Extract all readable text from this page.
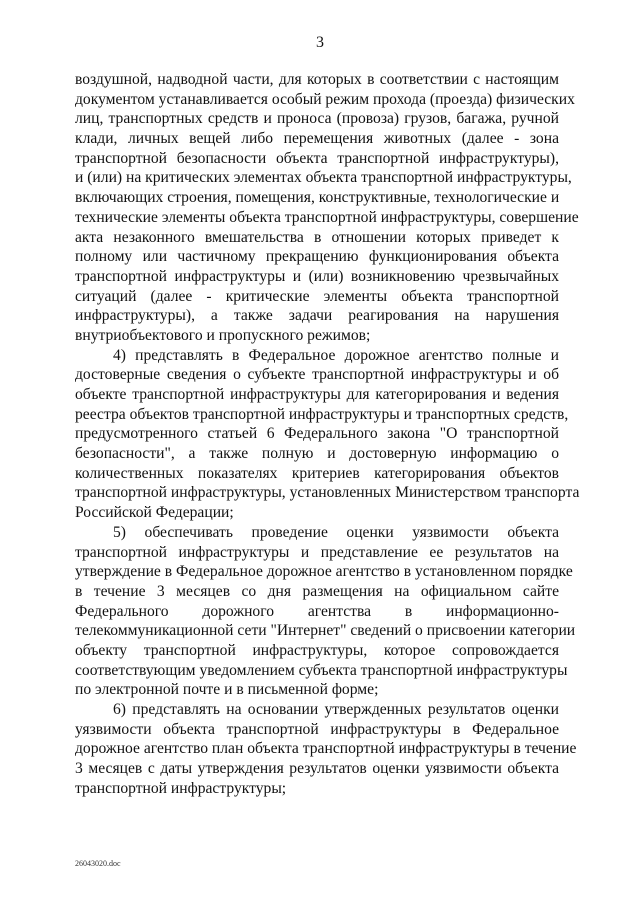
3
воздушной, надводной части, для которых в соответствии с настоящим
документом устанавливается особый режим прохода (проезда) физических
лиц, транспортных средств и проноса (провоза) грузов, багажа, ручной
клади, личных вещей либо перемещения животных (далее - зона
транспортной безопасности объекта транспортной инфраструктуры),
и (или) на критических элементах объекта транспортной инфраструктуры,
включающих строения, помещения, конструктивные, технологические и
технические элементы объекта транспортной инфраструктуры, совершение
акта незаконного вмешательства в отношении которых приведет к
полному или частичному прекращению функционирования объекта
транспортной инфраструктуры и (или) возникновению чрезвычайных
ситуаций (далее - критические элементы объекта транспортной
инфраструктуры), а также задачи реагирования на нарушения
внутриобъектового и пропускного режимов;
4) представлять в Федеральное дорожное агентство полные и
достоверные сведения о субъекте транспортной инфраструктуры и об
объекте транспортной инфраструктуры для категорирования и ведения
реестра объектов транспортной инфраструктуры и транспортных средств,
предусмотренного статьей 6 Федерального закона "О транспортной
безопасности", а также полную и достоверную информацию о
количественных показателях критериев категорирования объектов
транспортной инфраструктуры, установленных Министерством транспорта
Российской Федерации;
5) обеспечивать проведение оценки уязвимости объекта
транспортной инфраструктуры и представление ее результатов на
утверждение в Федеральное дорожное агентство в установленном порядке
в течение 3 месяцев со дня размещения на официальном сайте
Федерального дорожного агентства в информационно-
телекоммуникационной сети "Интернет" сведений о присвоении категории
объекту транспортной инфраструктуры, которое сопровождается
соответствующим уведомлением субъекта транспортной инфраструктуры
по электронной почте и в письменной форме;
6) представлять на основании утвержденных результатов оценки
уязвимости объекта транспортной инфраструктуры в Федеральное
дорожное агентство план объекта транспортной инфраструктуры в течение
3 месяцев с даты утверждения результатов оценки уязвимости объекта
транспортной инфраструктуры;
26043020.doc
